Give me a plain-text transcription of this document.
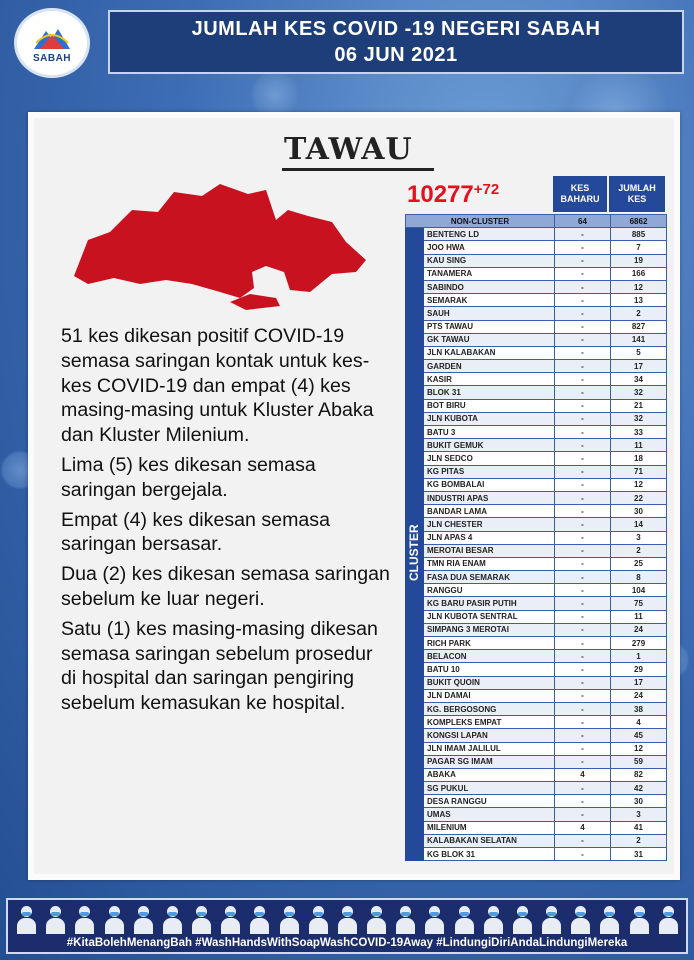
SABAH
JUMLAH KES COVID -19 NEGERI SABAH
06 JUN 2021
TAWAU

51 kes dikesan positif COVID-19 semasa saringan kontak untuk kes-kes COVID-19 dan empat (4) kes masing-masing untuk Kluster Abaka dan Kluster Milenium.

Lima (5) kes dikesan semasa saringan bergejala.

Empat (4) kes dikesan semasa saringan bersasar.

Dua (2) kes dikesan semasa saringan sebelum ke luar negeri.

Satu (1) kes masing-masing dikesan semasa saringan sebelum prosedur di hospital dan saringan pengiring sebelum kemasukan ke hospital.

$10277^{+72}$	KES
BAHARU
JUMLAH
KES
NON-CLUSTER		64	6862
	BENTENG LD	-	885
	JOO HWA	-	7
	KAU SING	-	19
	TANAMERA	-	166
	SABINDO	-	12
	SEMARAK	-	13
	SAUH	-	2
	PTS TAWAU	-	827
	GK TAWAU	-	141
	JLN KALABAKAN	-	5
	GARDEN	-	17
	KASIR	-	34
	BLOK 31	-	32
	BOT BIRU	-	21
	JLN KUBOTA	-	32
	BATU 3	-	33
	BUKIT GEMUK	-	11
	JLN SEDCO	-	18
	KG PITAS	-	71
	KG BOMBALAI	-	12
	INDUSTRI APAS	-	22
	BANDAR LAMA	-	30
	JLN CHESTER	-	14
	JLN APAS 4	-	3
	MEROTAI BESAR	-	2
	TMN RIA ENAM	-	25
	FASA DUA SEMARAK	-	8
	RANGGU	-	104
	KG BARU PASIR PUTIH	-	75
	JLN KUBOTA SENTRAL	-	11
	SIMPANG 3 MEROTAI	-	24
	RICH PARK	-	279
	BELACON	-	1
	BATU 10	-	29
	BUKIT QUOIN	-	17
	JLN DAMAI	-	24
	KG. BERGOSONG	-	38
	KOMPLEKS EMPAT	-	4
	KONGSI LAPAN	-	45
	JLN IMAM JALILUL	-	12
	PAGAR SG IMAM	-	59
	ABAKA	4	82
	SG PUKUL	-	42
	DESA RANGGU	-	30
	UMAS	-	3
	MILENIUM	4	41
	KALABAKAN SELATAN	-	2
	KG BLOK 31	-	31
CLUSTER
#KitaBolehMenangBah #WashHandsWithSoapWashCOVID-19Away #LindungiDiriAndaLindungiMereka
